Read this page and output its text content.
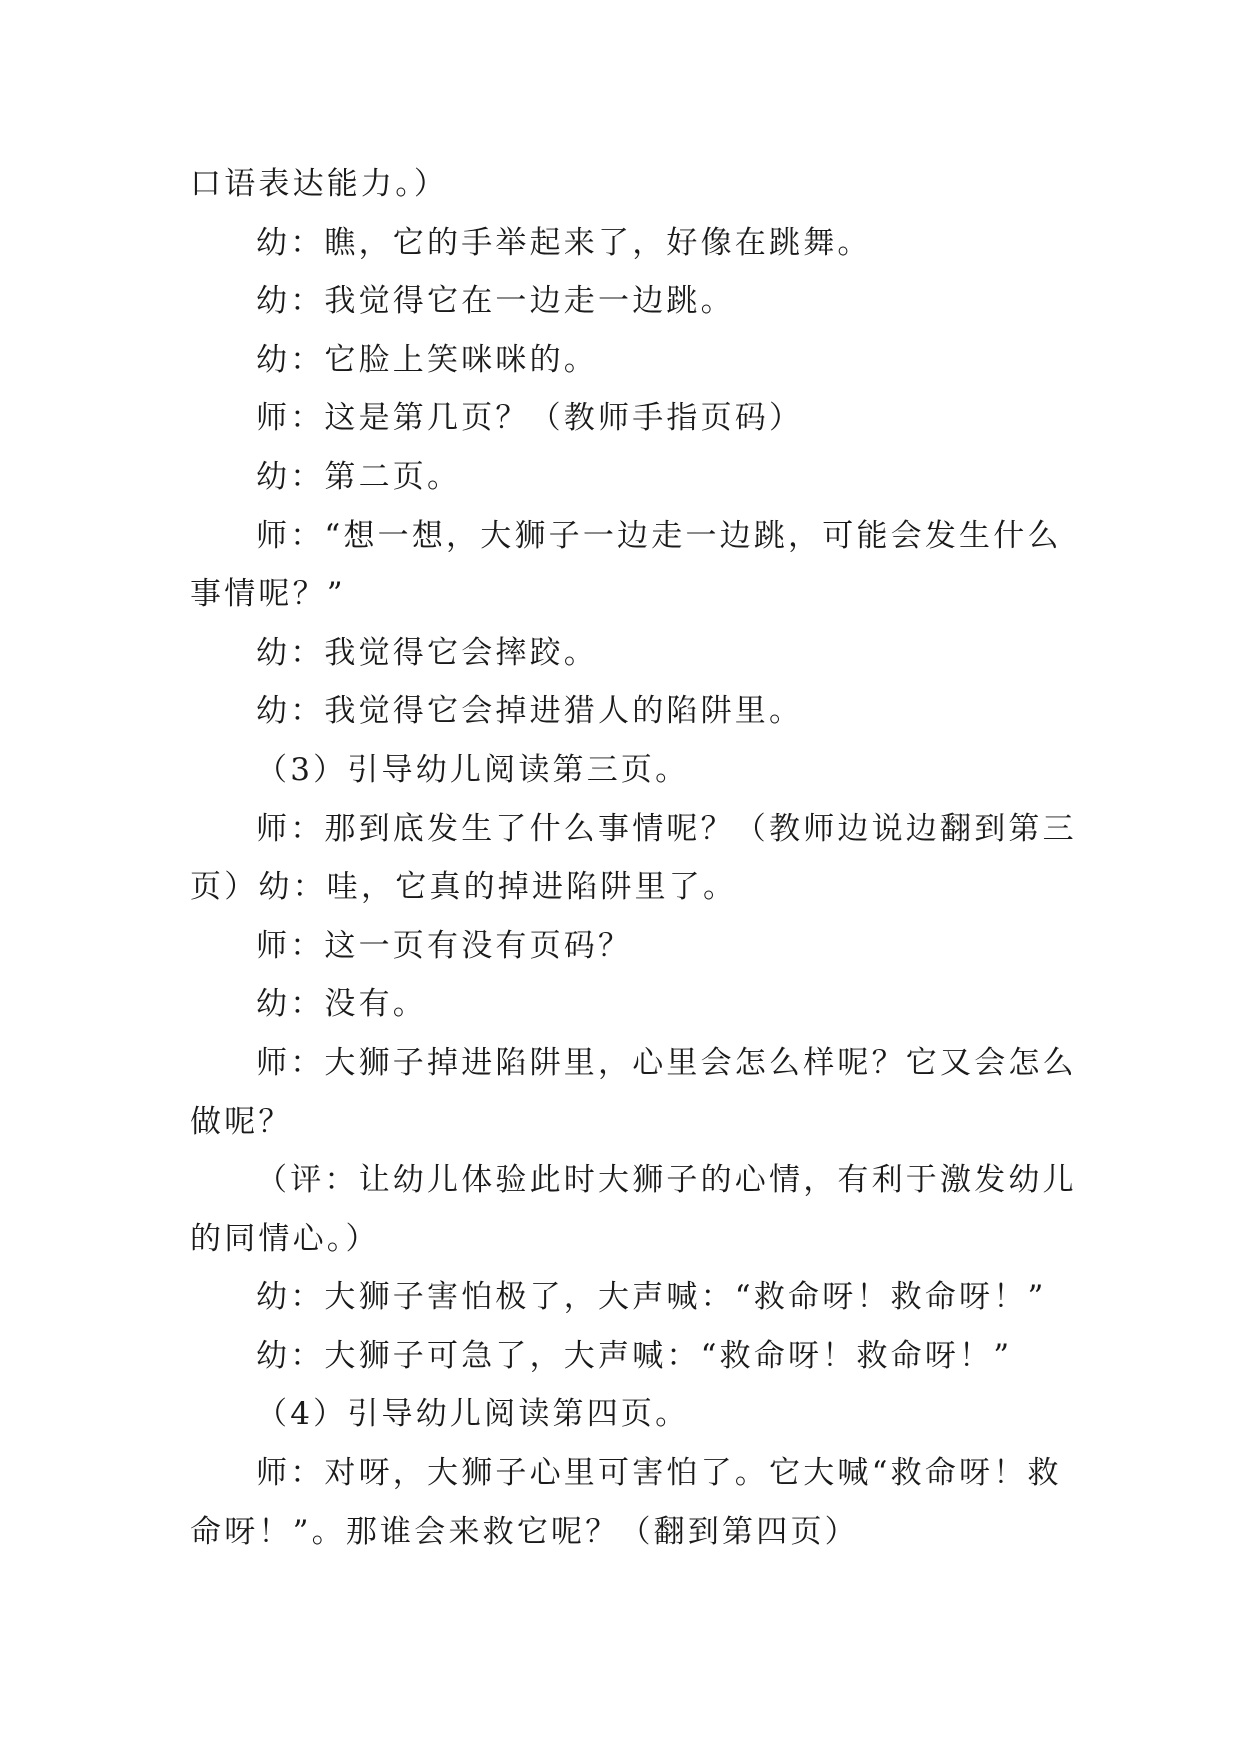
口语表达能力。）

幼：瞧，它的手举起来了，好像在跳舞。

幼：我觉得它在一边走一边跳。

幼：它脸上笑咪咪的。

师：这是第几页？（教师手指页码）

幼：第二页。

师：“想一想，大狮子一边走一边跳，可能会发生什么

事情呢？”

幼：我觉得它会摔跤。

幼：我觉得它会掉进猎人的陷阱里。

（3）引导幼儿阅读第三页。

师：那到底发生了什么事情呢？（教师边说边翻到第三

页）幼：哇，它真的掉进陷阱里了。

师：这一页有没有页码？

幼：没有。

师：大狮子掉进陷阱里，心里会怎么样呢？它又会怎么

做呢？

（评：让幼儿体验此时大狮子的心情，有利于激发幼儿

的同情心。）

幼：大狮子害怕极了，大声喊：“救命呀！救命呀！”

幼：大狮子可急了，大声喊：“救命呀！救命呀！”

（4）引导幼儿阅读第四页。

师：对呀，大狮子心里可害怕了。它大喊“救命呀！救

命呀！”。那谁会来救它呢？（翻到第四页）
